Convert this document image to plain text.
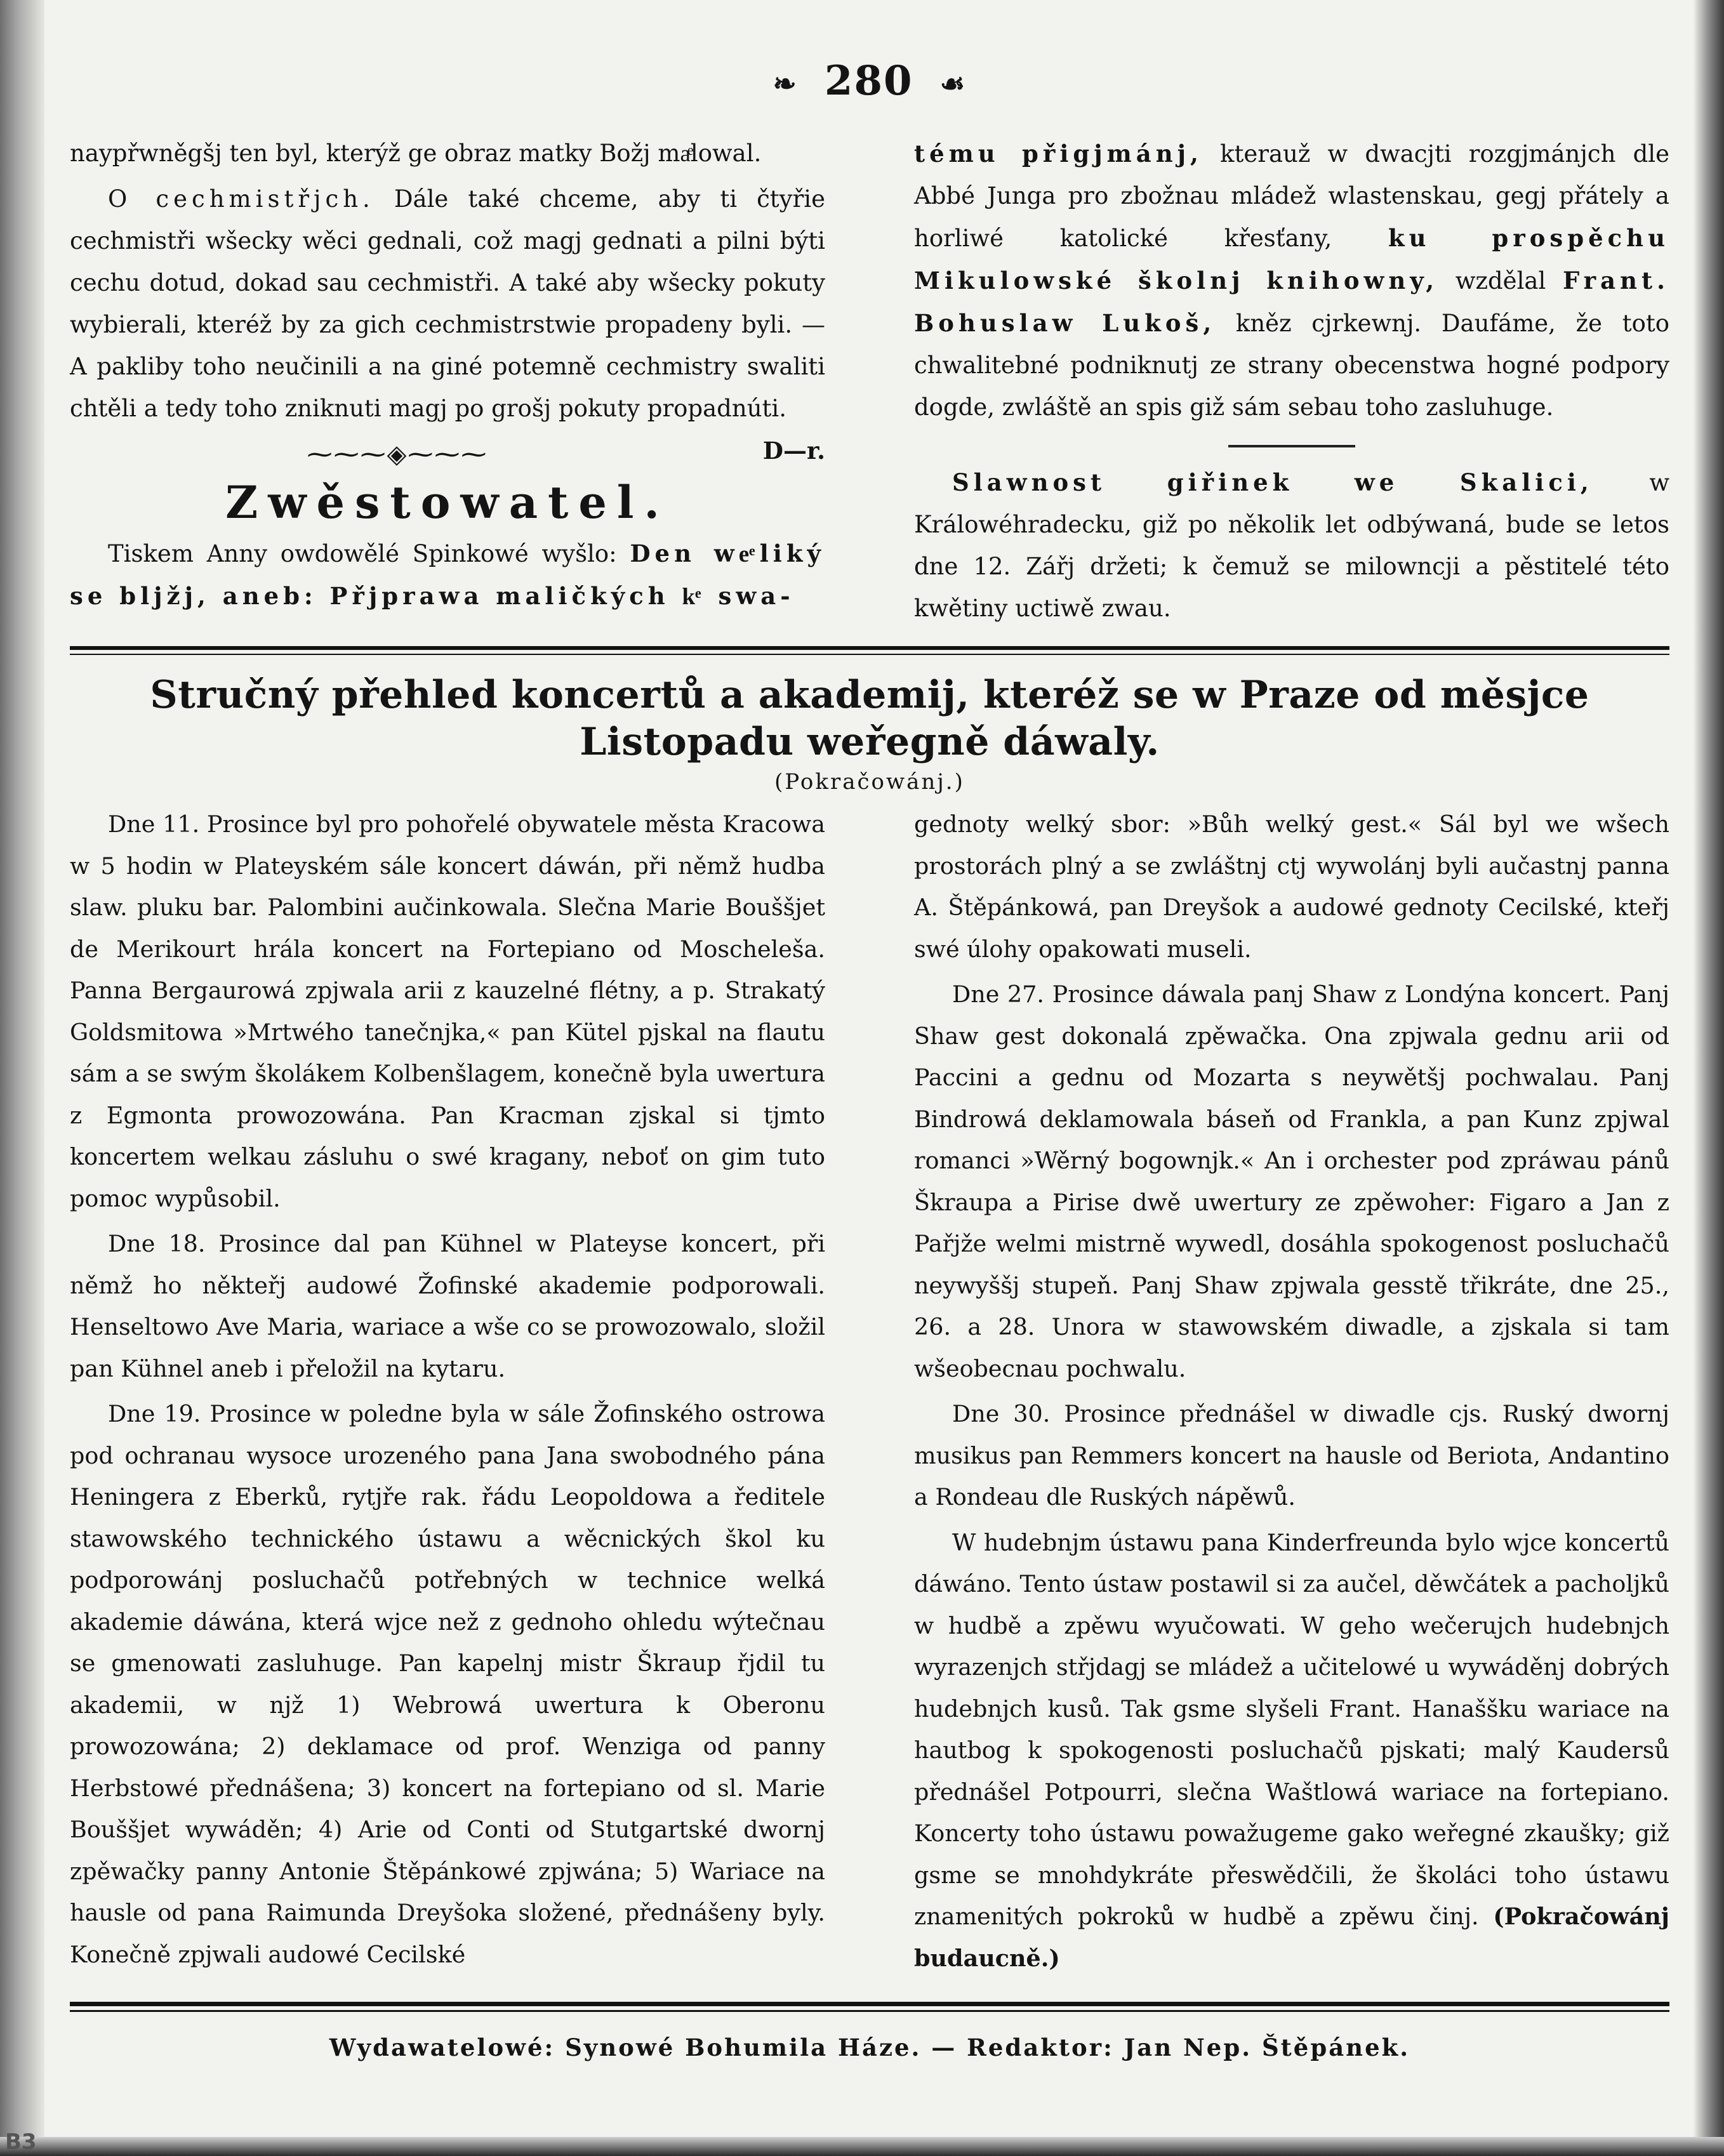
B3
❧ 280 ☙

naypřwněgšj ten byl, kterýž ge obraz matky Božj maͤlowal.

O cechmistřjch. Dále také chceme, aby ti čtyřie cechmistři wšecky wěci gednali, což magj gednati a pilni býti cechu dotud, dokad sau cechmistři. A také aby wšecky pokuty wybierali, kteréž by za gich cechmistrstwie propadeny byli. — A pakliby toho neučinili a na giné potemně cechmistry swaliti chtěli a tedy toho zniknuti magj po grošj pokuty propadnúti.
D—r.

⁓⁓⁓◈⁓⁓⁓
Zwěstowatel.

Tiskem Anny owdowělé Spinkowé wyšlo: Den weͤliký se bljžj, aneb: Přjprawa maličkých kͤ swa-

tému přigjmánj, kterauž w dwacjti rozgjmánjch dle Abbé Junga pro zbožnau mládež wlastenskau, gegj přátely a horliwé katolické křesťany, ku prospěchu Mikulowské školnj knihowny, wzdělal Frant. Bohuslaw Lukoš, kněz cjrkewnj. Daufáme, že toto chwalitebné podniknutj ze strany obecenstwa hogné podpory dogde, zwláště an spis giž sám sebau toho zasluhuge.

Slawnost giřinek we Skalici, w Králowéhradecku, giž po několik let odbýwaná, bude se letos dne 12. Zářj držeti; k čemuž se milowncji a pěstitelé této kwětiny uctiwě zwau.

Stručný přehled koncertů a akademij, kteréž se w Praze od měsjce Listopadu weřegně dáwaly.
(Pokračowánj.)

Dne 11. Prosince byl pro pohořelé obywatele města Kracowa w 5 hodin w Plateyském sále koncert dáwán, při němž hudba slaw. pluku bar. Palombini aučinkowala. Slečna Marie Bouššjet de Merikourt hrála koncert na Fortepiano od Moscheleša. Panna Bergaurowá zpjwala arii z kauzelné flétny, a p. Strakatý Goldsmitowa »Mrtwého tanečnjka,« pan Kütel pjskal na flautu sám a se swým školákem Kolbenšlagem, konečně byla uwertura z Egmonta prowozowána. Pan Kracman zjskal si tjmto koncertem welkau zásluhu o swé kragany, neboť on gim tuto pomoc wypůsobil.

Dne 18. Prosince dal pan Kühnel w Plateyse koncert, při němž ho někteřj audowé Žofinské akademie podporowali. Henseltowo Ave Maria, wariace a wše co se prowozowalo, složil pan Kühnel aneb i přeložil na kytaru.

Dne 19. Prosince w poledne byla w sále Žofinského ostrowa pod ochranau wysoce urozeného pana Jana swobodného pána Heningera z Eberků, rytjře rak. řádu Leopoldowa a ředitele stawowského technického ústawu a wěcnických škol ku podporowánj posluchačů potřebných w technice welká akademie dáwána, která wjce než z gednoho ohledu wýtečnau se gmenowati zasluhuge. Pan kapelnj mistr Škraup řjdil tu akademii, w njž 1) Webrowá uwertura k Oberonu prowozowána; 2) deklamace od prof. Wenziga od panny Herbstowé přednášena; 3) koncert na fortepiano od sl. Marie Bouššjet wywáděn; 4) Arie od Conti od Stutgartské dwornj zpěwačky panny Antonie Štěpánkowé zpjwána; 5) Wariace na hausle od pana Raimunda Dreyšoka složené, přednášeny byly. Konečně zpjwali audowé Cecilské

gednoty welký sbor: »Bůh welký gest.« Sál byl we wšech prostorách plný a se zwláštnj ctj wywolánj byli aučastnj panna A. Štěpánkowá, pan Dreyšok a audowé gednoty Cecilské, kteřj swé úlohy opakowati museli.

Dne 27. Prosince dáwala panj Shaw z Londýna koncert. Panj Shaw gest dokonalá zpěwačka. Ona zpjwala gednu arii od Paccini a gednu od Mozarta s neywětšj pochwalau. Panj Bindrowá deklamowala báseň od Frankla, a pan Kunz zpjwal romanci »Wěrný bogownjk.« An i orchester pod zpráwau pánů Škraupa a Pirise dwě uwertury ze zpěwoher: Figaro a Jan z Pařjže welmi mistrně wywedl, dosáhla spokogenost posluchačů neywyššj stupeň. Panj Shaw zpjwala gesstě třikráte, dne 25., 26. a 28. Unora w stawowském diwadle, a zjskala si tam wšeobecnau pochwalu.

Dne 30. Prosince přednášel w diwadle cjs. Ruský dwornj musikus pan Remmers koncert na hausle od Beriota, Andantino a Rondeau dle Ruských nápěwů.

W hudebnjm ústawu pana Kinderfreunda bylo wjce koncertů dáwáno. Tento ústaw postawil si za aučel, děwčátek a pacholjků w hudbě a zpěwu wyučowati. W geho wečerujch hudebnjch wyrazenjch střjdagj se mládež a učitelowé u wywáděnj dobrých hudebnjch kusů. Tak gsme slyšeli Frant. Hanaššku wariace na hautbog k spokogenosti posluchačů pjskati; malý Kaudersů přednášel Potpourri, slečna Waštlowá wariace na fortepiano. Koncerty toho ústawu powažugeme gako weřegné zkaušky; giž gsme se mnohdykráte přeswědčili, že školáci toho ústawu znamenitých pokroků w hudbě a zpěwu činj. (Pokračowánj budaucně.)

Wydawatelowé: Synowé Bohumila Háze. — Redaktor: Jan Nep. Štěpánek.
